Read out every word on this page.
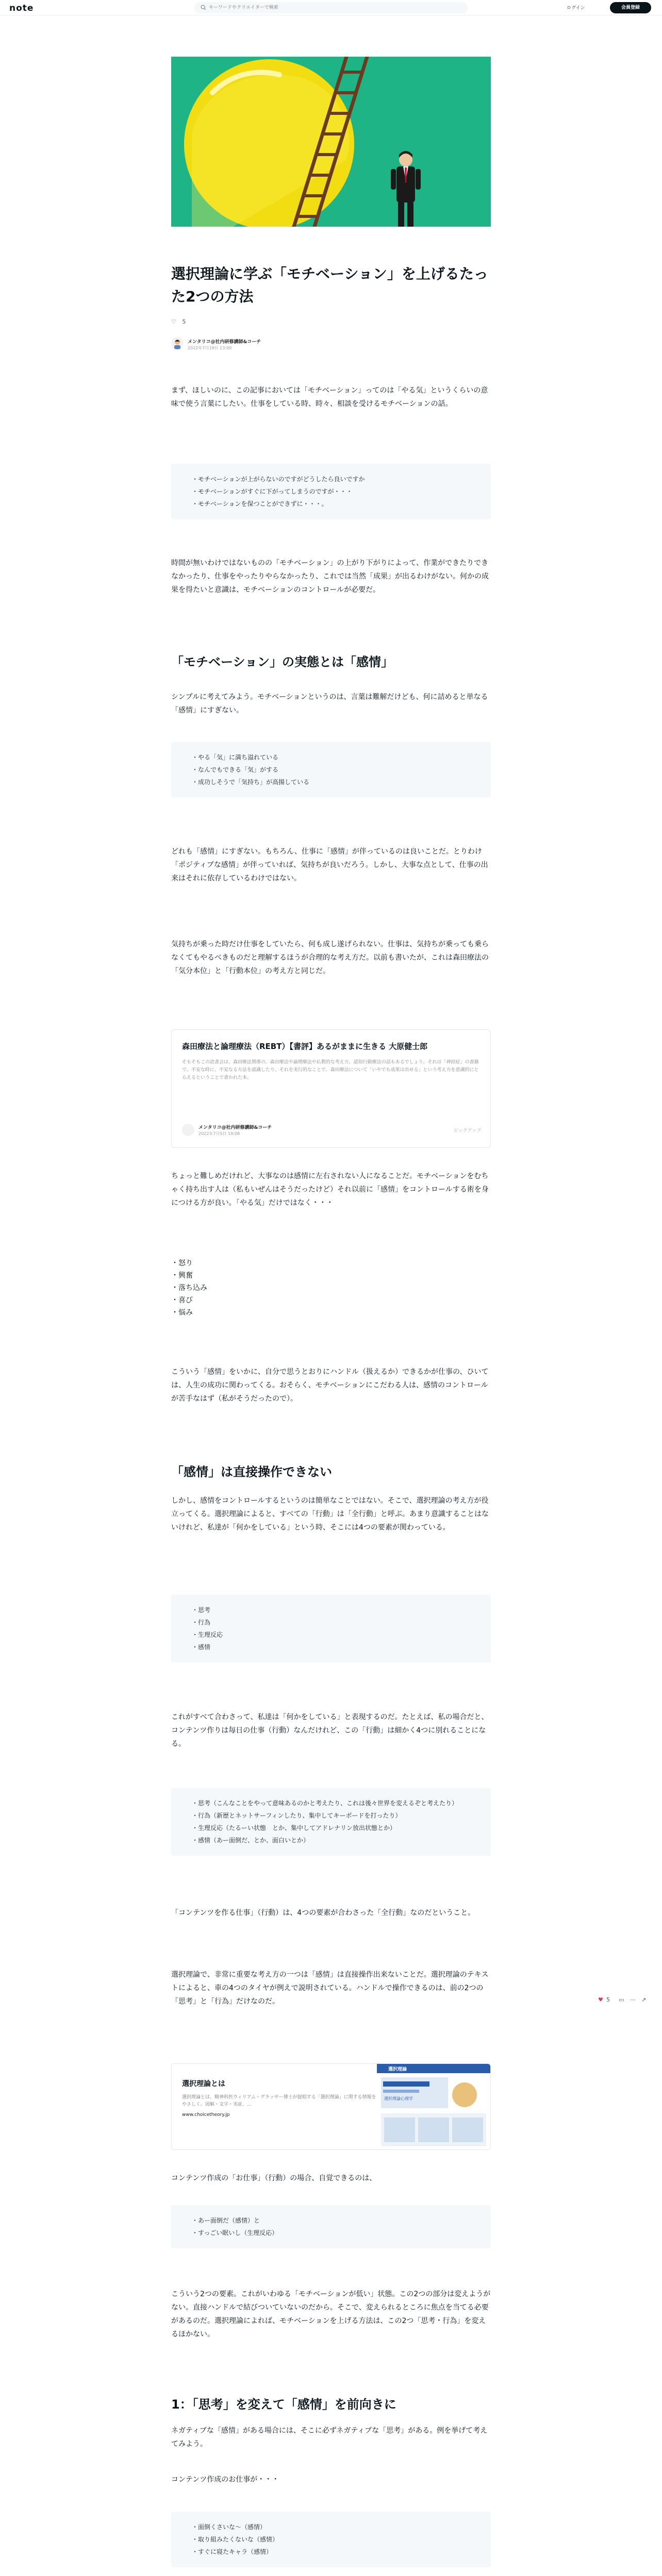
note
キーワードやクリエイターで検索	ログイン	会員登録
選択理論に学ぶ「モチベーション」を上げるたった2つの方法
♡ 5
メンタリコ@社内研修講師&コーチ
2022年7月19日 13:00

まず、ほしいのに、この記事においては「モチベーション」ってのは「やる気」というくらいの意味で使う言葉にしたい。仕事をしている時、時々、相談を受けるモチベーションの話。

・モチベーションが上がらないのですがどうしたら良いですか
・モチベーションがすぐに下がってしまうのですが・・・
・モチベーションを保つことができずに・・・。

時間が無いわけではないものの「モチベーション」の上がり下がりによって、作業ができたりできなかったり、仕事をやったりやらなかったり、これでは当然「成果」が出るわけがない。何かの成果を得たいと意識は、モチベーションのコントロールが必要だ。

「モチベーション」の実態とは「感情」

シンプルに考えてみよう。モチベーションというのは、言葉は難解だけども、何に詰めると単なる「感情」にすぎない。

・やる「気」に満ち溢れている
・なんでもできる「気」がする
・成功しそうで「気持ち」が高揚している

どれも「感情」にすぎない。もちろん、仕事に「感情」が伴っているのは良いことだ。とりわけ「ポジティブな感情」が伴っていれば、気持ちが良いだろう。しかし、大事な点として、仕事の出来はそれに依存しているわけではない。

気持ちが乗った時だけ仕事をしていたら、何も成し遂げられない。仕事は、気持ちが乗っても乗らなくてもやるべきものだと理解するほうが合理的な考え方だ。以前も書いたが、これは森田療法の「気分本位」と「行動本位」の考え方と同じだ。

森田療法と論理療法（REBT）【書評】あるがままに生きる 大原健士郎
そもそもこの読書会は、森田療法関係の。森田療法や論理療法や仏教的な考え方。認知行動療法の話もあるでしょう。それは「神経症」の書籍で、不安な時に、不安なる方法を認識したり、それを実行的なことで、森田療法について「いやでも成果は出せる」という考え方を意識的にとらえるということで書かれた本。
メンタリコ@社内研修講師&コーチ
2022年7月5日 19:08
ピックアップ

ちょっと難しめだけれど、大事なのは感情に左右されない人になることだ。モチベーションをむちゃく持ち出す人は（私もいぜんはそうだったけど）それ以前に「感情」をコントロールする術を身につける方が良い。「やる気」だけではなく・・・

・怒り
・興奮
・落ち込み
・喜び
・悩み

こういう「感情」をいかに、自分で思うとおりにハンドル（扱えるか）できるかが仕事の、ひいては、人生の成功に関わってくる。おそらく、モチベーションにこだわる人は、感情のコントロールが苦手なはず（私がそうだったので）。

「感情」は直接操作できない

しかし、感情をコントロールするというのは簡単なことではない。そこで、選択理論の考え方が役立ってくる。選択理論によると、すべての「行動」は「全行動」と呼ぶ。あまり意識することはないけれど、私達が「何かをしている」という時、そこには4つの要素が関わっている。

・思考
・行為
・生理反応
・感情

これがすべて合わさって、私達は「何かをしている」と表現するのだ。たとえば、私の場合だと、コンテンツ作りは毎日の仕事（行動）なんだけれど、この「行動」は細かく4つに別れることになる。

・思考（こんなことをやって意味あるのかと考えたり、これは後々世界を変えるぞと考えたり）
・行為（新歴とネットサーフィンしたり、集中してキーボードを打ったり）
・生理反応（たるーい状態　とか、集中してアドレナリン放出状態とか）
・感情（あー面倒だ、とか、面白いとか）

「コンテンツを作る仕事」（行動）は、4つの要素が合わさった「全行動」なのだということ。

選択理論で、非常に重要な考え方の一つは「感情」は直接操作出来ないことだ。選択理論のテキストによると、車の4つのタイヤが例えで説明されている。ハンドルで操作できるのは、前の2つの「思考」と「行為」だけなのだ。

選択理論とは
選択理論とは、精神科医ウィリアム・グラッサー博士が提唱する「選択理論」に関する情報をやさしく。図解・文字・実証、...
www.choicetheory.jp
選択理論
選択理論心理学

コンテンツ作成の「お仕事」（行動）の場合、自覚できるのは、

・あー面倒だ（感情）と
・すっごい眠いし（生理反応）

こういう2つの要素。これがいわゆる「モチベーションが低い」状態。この2つの部分は変えようがない。直接ハンドルで結びついていないのだから。そこで、変えられるところに焦点を当てる必要があるのだ。選択理論によれば、モチベーションを上げる方法は、この2つ「思考・行為」を変えるほかない。

1：「思考」を変えて「感情」を前向きに

ネガティブな「感情」がある場合には、そこに必ずネガティブな「思考」がある。例を挙げて考えてみよう。

コンテンツ作成のお仕事が・・・

・面倒くさいな～（感情）
・取り組みたくないな（感情）
・すぐに寝たキャラ（感情）

♥ 5 ▭ ⋯ ↗
